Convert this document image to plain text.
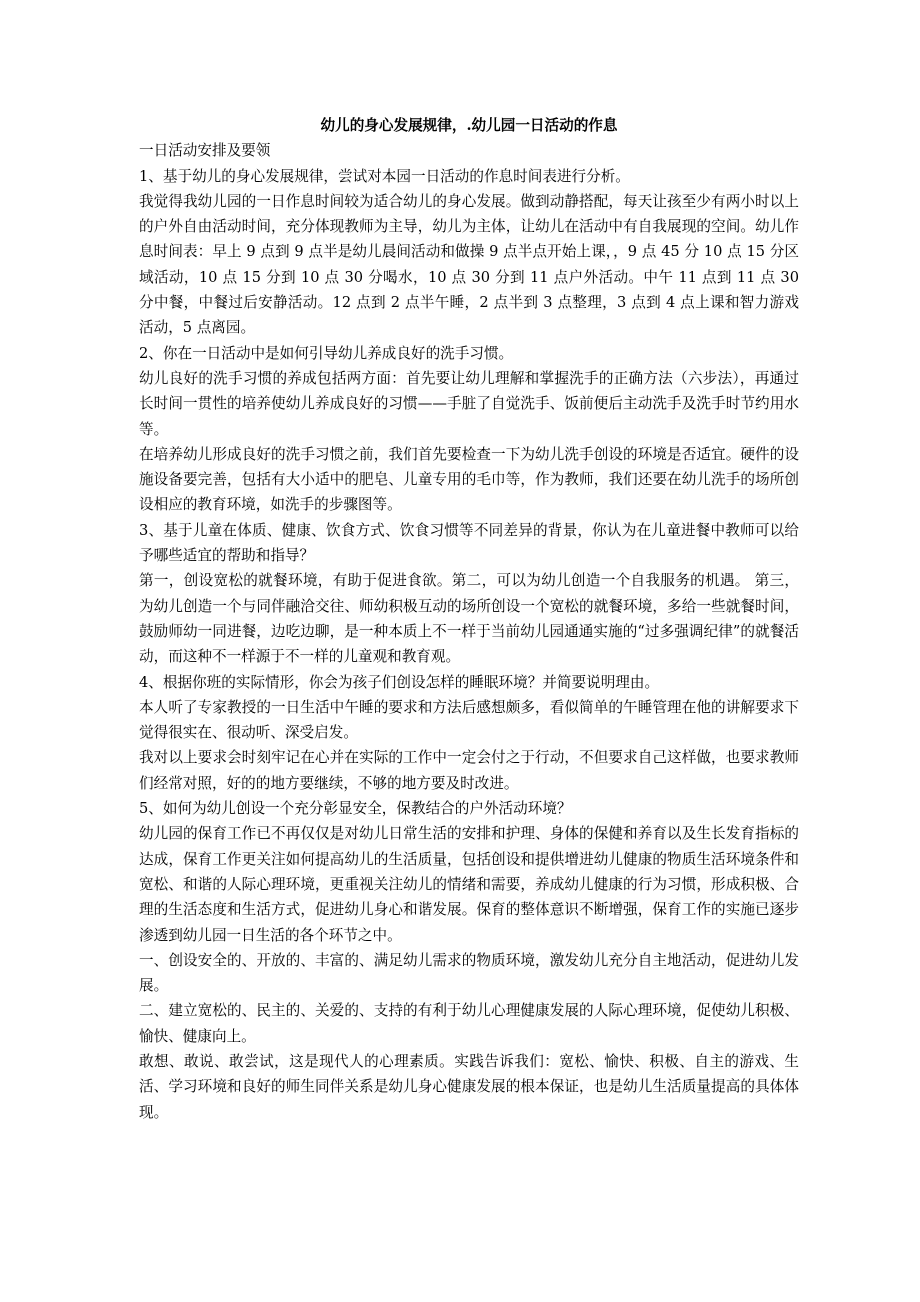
幼儿的身心发展规律，.幼儿园一日活动的作息

一日活动安排及要领

1、基于幼儿的身心发展规律，尝试对本园一日活动的作息时间表进行分析。

我觉得我幼儿园的一日作息时间较为适合幼儿的身心发展。做到动静搭配，每天让孩至少有两小时以上的户外自由活动时间，充分体现教师为主导，幼儿为主体，让幼儿在活动中有自我展现的空间。幼儿作息时间表：早上 9 点到 9 点半是幼儿晨间活动和做操 9 点半点开始上课，，9 点 45 分 10 点 15 分区域活动，10 点 15 分到 10 点 30 分喝水，10 点 30 分到 11 点户外活动。中午 11 点到 11 点 30 分中餐，中餐过后安静活动。12 点到 2 点半午睡，2 点半到 3 点整理，3 点到 4 点上课和智力游戏活动，5 点离园。

2、你在一日活动中是如何引导幼儿养成良好的洗手习惯。

幼儿良好的洗手习惯的养成包括两方面：首先要让幼儿理解和掌握洗手的正确方法（六步法），再通过长时间一贯性的培养使幼儿养成良好的习惯——手脏了自觉洗手、饭前便后主动洗手及洗手时节约用水等。

在培养幼儿形成良好的洗手习惯之前，我们首先要检查一下为幼儿洗手创设的环境是否适宜。硬件的设施设备要完善，包括有大小适中的肥皂、儿童专用的毛巾等，作为教师，我们还要在幼儿洗手的场所创设相应的教育环境，如洗手的步骤图等。

3、基于儿童在体质、健康、饮食方式、饮食习惯等不同差异的背景，你认为在儿童进餐中教师可以给予哪些适宜的帮助和指导？

第一，创设宽松的就餐环境，有助于促进食欲。第二，可以为幼儿创造一个自我服务的机遇。 第三， 为幼儿创造一个与同伴融洽交往、师幼积极互动的场所创设一个宽松的就餐环境，多给一些就餐时间，鼓励师幼一同进餐，边吃边聊，是一种本质上不一样于当前幼儿园通通实施的“过多强调纪律”的就餐活动，而这种不一样源于不一样的儿童观和教育观。

4、根据你班的实际情形，你会为孩子们创设怎样的睡眠环境？并简要说明理由。

本人听了专家教授的一日生活中午睡的要求和方法后感想颇多，看似简单的午睡管理在他的讲解要求下觉得很实在、很动听、深受启发。

我对以上要求会时刻牢记在心并在实际的工作中一定会付之于行动，不但要求自己这样做，也要求教师们经常对照，好的的地方要继续，不够的地方要及时改进。

5、如何为幼儿创设一个充分彰显安全，保教结合的户外活动环境？

幼儿园的保育工作已不再仅仅是对幼儿日常生活的安排和护理、身体的保健和养育以及生长发育指标的达成，保育工作更关注如何提高幼儿的生活质量，包括创设和提供增进幼儿健康的物质生活环境条件和宽松、和谐的人际心理环境，更重视关注幼儿的情绪和需要，养成幼儿健康的行为习惯，形成积极、合理的生活态度和生活方式，促进幼儿身心和谐发展。保育的整体意识不断增强，保育工作的实施已逐步渗透到幼儿园一日生活的各个环节之中。

一、创设安全的、开放的、丰富的、满足幼儿需求的物质环境，激发幼儿充分自主地活动，促进幼儿发展。

二、建立宽松的、民主的、关爱的、支持的有利于幼儿心理健康发展的人际心理环境，促使幼儿积极、愉快、健康向上。

敢想、敢说、敢尝试，这是现代人的心理素质。实践告诉我们：宽松、愉快、积极、自主的游戏、生活、学习环境和良好的师生同伴关系是幼儿身心健康发展的根本保证，也是幼儿生活质量提高的具体体现。
